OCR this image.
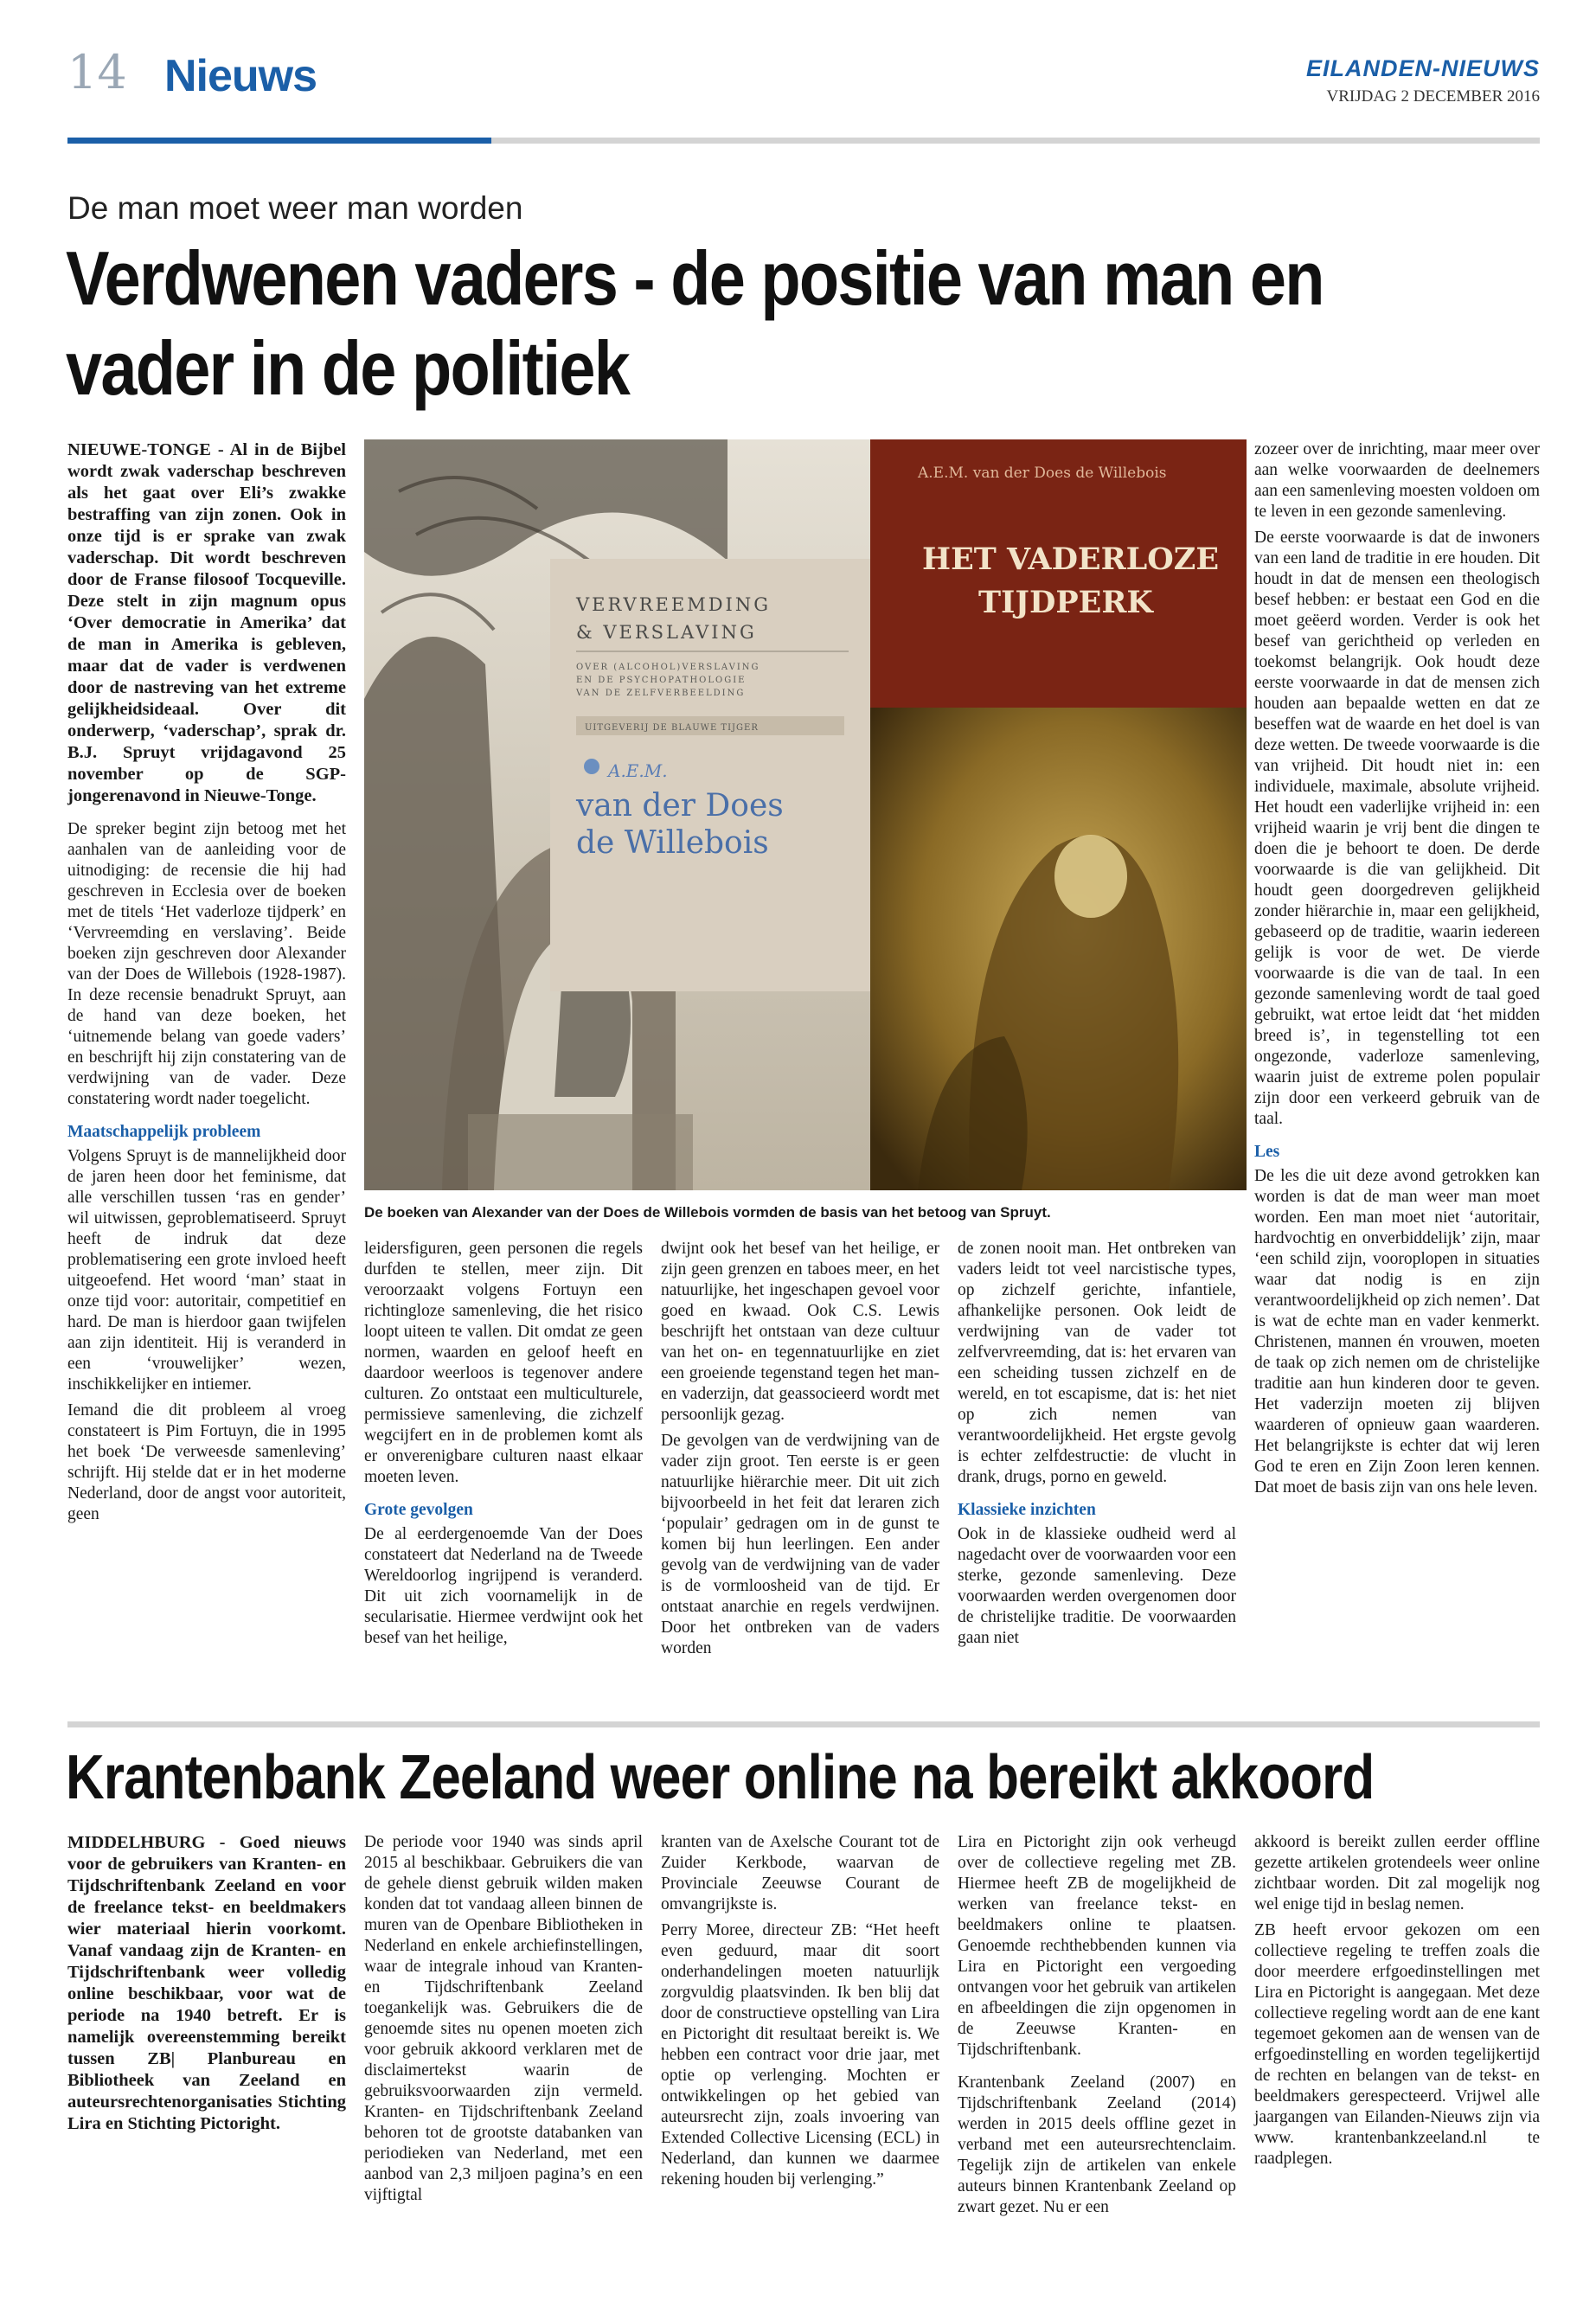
14 Nieuws	EILANDEN-NIEUWS
VRIJDAG 2 DECEMBER 2016
De man moet weer man worden
Verdwenen vaders - de positie van man en vader in de politiek

NIEUWE-TONGE - Al in de Bijbel wordt zwak vaderschap beschreven als het gaat over Eli’s zwakke bestraffing van zijn zonen. Ook in onze tijd is er sprake van zwak vaderschap. Dit wordt beschreven door de Franse filosoof Tocqueville. Deze stelt in zijn magnum opus ‘Over democratie in Amerika’ dat de man in Amerika is gebleven, maar dat de vader is verdwenen door de nastreving van het extreme gelijkheidsideaal. Over dit onderwerp, ‘vaderschap’, sprak dr. B.J. Spruyt vrijdagavond 25 november op de SGP-jongerenavond in Nieuwe-Tonge.

De spreker begint zijn betoog met het aanhalen van de aanleiding voor de uitnodiging: de recensie die hij had geschreven in Ecclesia over de boeken met de titels ‘Het vaderloze tijdperk’ en ‘Vervreemding en verslaving’. Beide boeken zijn geschreven door Alexander van der Does de Willebois (1928-1987). In deze recensie benadrukt Spruyt, aan de hand van deze boeken, het ‘uitnemende belang van goede vaders’ en beschrijft hij zijn constatering van de verdwijning van de vader. Deze constatering wordt nader toegelicht.

Maatschappelijk probleem

Volgens Spruyt is de mannelijkheid door de jaren heen door het feminisme, dat alle verschillen tussen ‘ras en gender’ wil uitwissen, geproblematiseerd. Spruyt heeft de indruk dat deze problematisering een grote invloed heeft uitgeoefend. Het woord ‘man’ staat in onze tijd voor: autoritair, competitief en hard. De man is hierdoor gaan twijfelen aan zijn identiteit. Hij is veranderd in een ‘vrouwelijker’ wezen, inschikkelijker en intiemer.

Iemand die dit probleem al vroeg constateert is Pim Fortuyn, die in 1995 het boek ‘De verweesde samenleving’ schrijft. Hij stelde dat er in het moderne Nederland, door de angst voor autoriteit, geen

VERVREEMDING
& VERSLAVING
OVER (ALCOHOL)VERSLAVING
EN DE PSYCHOPATHOLOGIE
VAN DE ZELFVERBEELDING
UITGEVERIJ DE BLAUWE TIJGER
A.E.M.
van der Does
de Willebois
A.E.M. van der Does de Willebois
HET VADERLOZE
TIJDPERK
De boeken van Alexander van der Does de Willebois vormden de basis van het betoog van Spruyt.

leidersfiguren, geen personen die regels durfden te stellen, meer zijn. Dit veroorzaakt volgens Fortuyn een richtingloze samenleving, die het risico loopt uiteen te vallen. Dit omdat ze geen normen, waarden en geloof heeft en daardoor weerloos is tegenover andere culturen. Zo ontstaat een multiculturele, permissieve samenleving, die zichzelf wegcijfert en in de problemen komt als er onverenigbare culturen naast elkaar moeten leven.

Grote gevolgen

De al eerdergenoemde Van der Does constateert dat Nederland na de Tweede Wereldoorlog ingrijpend is veranderd. Dit uit zich voornamelijk in de secularisatie. Hiermee verdwijnt ook het besef van het heilige,

dwijnt ook het besef van het heilige, er zijn geen grenzen en taboes meer, en het natuurlijke, het ingeschapen gevoel voor goed en kwaad. Ook C.S. Lewis beschrijft het ontstaan van deze cultuur van het on- en tegennatuurlijke en ziet een groeiende tegenstand tegen het man- en vaderzijn, dat geassocieerd wordt met persoonlijk gezag.

De gevolgen van de verdwijning van de vader zijn groot. Ten eerste is er geen natuurlijke hiërarchie meer. Dit uit zich bijvoorbeeld in het feit dat leraren zich ‘populair’ gedragen om in de gunst te komen bij hun leerlingen. Een ander gevolg van de verdwijning van de vader is de vormloosheid van de tijd. Er ontstaat anarchie en regels verdwijnen. Door het ontbreken van de vaders worden

de zonen nooit man. Het ontbreken van vaders leidt tot veel narcistische types, op zichzelf gerichte, infantiele, afhankelijke personen. Ook leidt de verdwijning van de vader tot zelfvervreemding, dat is: het ervaren van een scheiding tussen zichzelf en de wereld, en tot escapisme, dat is: het niet op zich nemen van verantwoordelijkheid. Het ergste gevolg is echter zelfdestructie: de vlucht in drank, drugs, porno en geweld.

Klassieke inzichten

Ook in de klassieke oudheid werd al nagedacht over de voorwaarden voor een sterke, gezonde samenleving. Deze voorwaarden werden overgenomen door de christelijke traditie. De voorwaarden gaan niet

zozeer over de inrichting, maar meer over aan welke voorwaarden de deelnemers aan een samenleving moesten voldoen om te leven in een gezonde samenleving.

De eerste voorwaarde is dat de inwoners van een land de traditie in ere houden. Dit houdt in dat de mensen een theologisch besef hebben: er bestaat een God en die moet geëerd worden. Verder is ook het besef van gerichtheid op verleden en toekomst belangrijk. Ook houdt deze eerste voorwaarde in dat de mensen zich houden aan bepaalde wetten en dat ze beseffen wat de waarde en het doel is van deze wetten. De tweede voorwaarde is die van vrijheid. Dit houdt niet in: een individuele, maximale, absolute vrijheid. Het houdt een vaderlijke vrijheid in: een vrijheid waarin je vrij bent die dingen te doen die je behoort te doen. De derde voorwaarde is die van gelijkheid. Dit houdt geen doorgedreven gelijkheid zonder hiërarchie in, maar een gelijkheid, gebaseerd op de traditie, waarin iedereen gelijk is voor de wet. De vierde voorwaarde is die van de taal. In een gezonde samenleving wordt de taal goed gebruikt, wat ertoe leidt dat ‘het midden breed is’, in tegenstelling tot een ongezonde, vaderloze samenleving, waarin juist de extreme polen populair zijn door een verkeerd gebruik van de taal.

Les

De les die uit deze avond getrokken kan worden is dat de man weer man moet worden. Een man moet niet ‘autoritair, hardvochtig en onverbiddelijk’ zijn, maar ‘een schild zijn, vooroplopen in situaties waar dat nodig is en zijn verantwoordelijkheid op zich nemen’. Dat is wat de echte man en vader kenmerkt. Christenen, mannen én vrouwen, moeten de taak op zich nemen om de christelijke traditie aan hun kinderen door te geven. Het vaderzijn moeten zij blijven waarderen of opnieuw gaan waarderen. Het belangrijkste is echter dat wij leren God te eren en Zijn Zoon leren kennen. Dat moet de basis zijn van ons hele leven.

Krantenbank Zeeland weer online na bereikt akkoord

MIDDELHBURG - Goed nieuws voor de gebruikers van Kranten- en Tijdschriftenbank Zeeland en voor de freelance tekst- en beeldmakers wier materiaal hierin voorkomt. Vanaf vandaag zijn de Kranten- en Tijdschriftenbank weer volledig online beschikbaar, voor wat de periode na 1940 betreft. Er is namelijk overeenstemming bereikt tussen ZB| Planbureau en Bibliotheek van Zeeland en auteursrechtenorganisaties Stichting Lira en Stichting Pictoright.

De periode voor 1940 was sinds april 2015 al beschikbaar. Gebruikers die van de gehele dienst gebruik wilden maken konden dat tot vandaag alleen binnen de muren van de Openbare Bibliotheken in Nederland en enkele archiefinstellingen, waar de integrale inhoud van Kranten- en Tijdschriftenbank Zeeland toegankelijk was. Gebruikers die de genoemde sites nu openen moeten zich voor gebruik akkoord verklaren met de disclaimertekst waarin de gebruiksvoorwaarden zijn vermeld. Kranten- en Tijdschriftenbank Zeeland behoren tot de grootste databanken van periodieken van Nederland, met een aanbod van 2,3 miljoen pagina’s en een vijftigtal

kranten van de Axelsche Courant tot de Zuider Kerkbode, waarvan de Provinciale Zeeuwse Courant de omvangrijkste is.

Perry Moree, directeur ZB: “Het heeft even geduurd, maar dit soort onderhandelingen moeten natuurlijk zorgvuldig plaatsvinden. Ik ben blij dat door de constructieve opstelling van Lira en Pictoright dit resultaat bereikt is. We hebben een contract voor drie jaar, met optie op verlenging. Mochten er ontwikkelingen op het gebied van auteursrecht zijn, zoals invoering van Extended Collective Licensing (ECL) in Nederland, dan kunnen we daarmee rekening houden bij verlenging.”

Lira en Pictoright zijn ook verheugd over de collectieve regeling met ZB. Hiermee heeft ZB de mogelijkheid de werken van freelance tekst- en beeldmakers online te plaatsen. Genoemde rechthebbenden kunnen via Lira en Pictoright een vergoeding ontvangen voor het gebruik van artikelen en afbeeldingen die zijn opgenomen in de Zeeuwse Kranten- en Tijdschriftenbank.

Krantenbank Zeeland (2007) en Tijdschriftenbank Zeeland (2014) werden in 2015 deels offline gezet in verband met een auteursrechtenclaim. Tegelijk zijn de artikelen van enkele auteurs binnen Krantenbank Zeeland op zwart gezet. Nu er een

akkoord is bereikt zullen eerder offline gezette artikelen grotendeels weer online zichtbaar worden. Dit zal mogelijk nog wel enige tijd in beslag nemen.

ZB heeft ervoor gekozen om een collectieve regeling te treffen zoals die door meerdere erfgoedinstellingen met Lira en Pictoright is aangegaan. Met deze collectieve regeling wordt aan de ene kant tegemoet gekomen aan de wensen van de erfgoedinstelling en worden tegelijkertijd de rechten en belangen van de tekst- en beeldmakers gerespecteerd. Vrijwel alle jaargangen van Eilanden-Nieuws zijn via www. krantenbankzeeland.nl te raadplegen.
